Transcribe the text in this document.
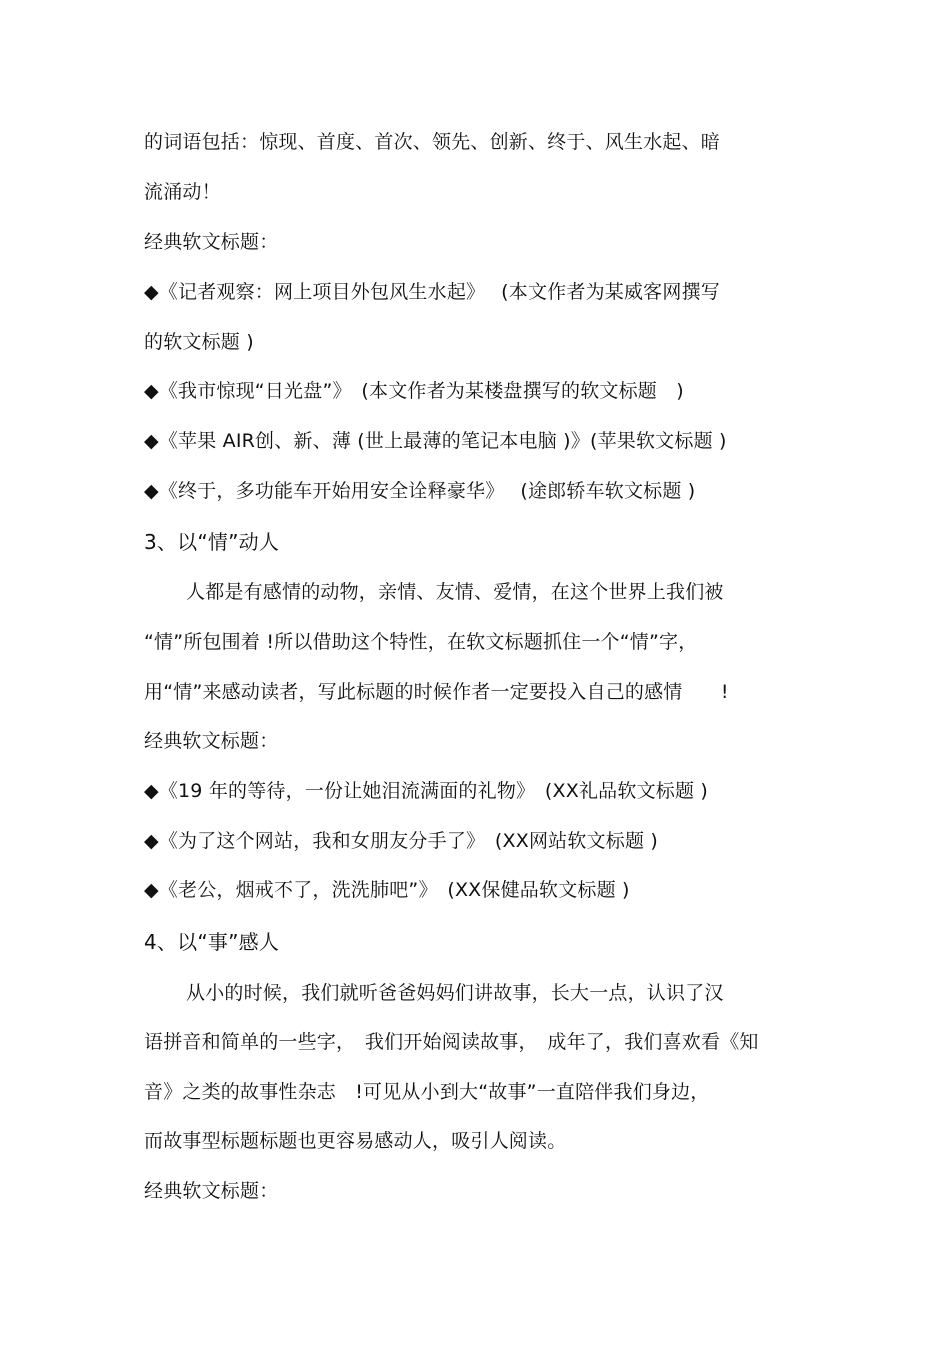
的词语包括：惊现、首度、首次、领先、创新、终于、风生水起、暗
流涌动！
经典软文标题：
◆《记者观察：网上项目外包风生水起》　 (本文作者为某威客网撰写
的软文标题 )
◆《我市惊现“日光盘”》　(本文作者为某楼盘撰写的软文标题　)
◆《苹果 AIR创、新、薄 (世上最薄的笔记本电脑 )》(苹果软文标题 )
◆《终于，多功能车开始用安全诠释豪华》　 (途郎轿车软文标题 )
3、以“情”动人
人都是有感情的动物，亲情、友情、爱情，在这个世界上我们被
“情”所包围着 !所以借助这个特性，在软文标题抓住一个“情”字，
用“情”来感动读者，写此标题的时候作者一定要投入自己的感情　　!
经典软文标题：
◆《19 年的等待，一份让她泪流满面的礼物》　(XX礼品软文标题 )
◆《为了这个网站，我和女朋友分手了》　(XX网站软文标题 )
◆《老公，烟戒不了，洗洗肺吧”》　(XX保健品软文标题 )
4、以“事”感人
从小的时候，我们就听爸爸妈妈们讲故事，长大一点，认识了汉
语拼音和简单的一些字，　我们开始阅读故事，　成年了，我们喜欢看《知
音》之类的故事性杂志　!可见从小到大“故事”一直陪伴我们身边，
而故事型标题标题也更容易感动人，吸引人阅读。
经典软文标题：
